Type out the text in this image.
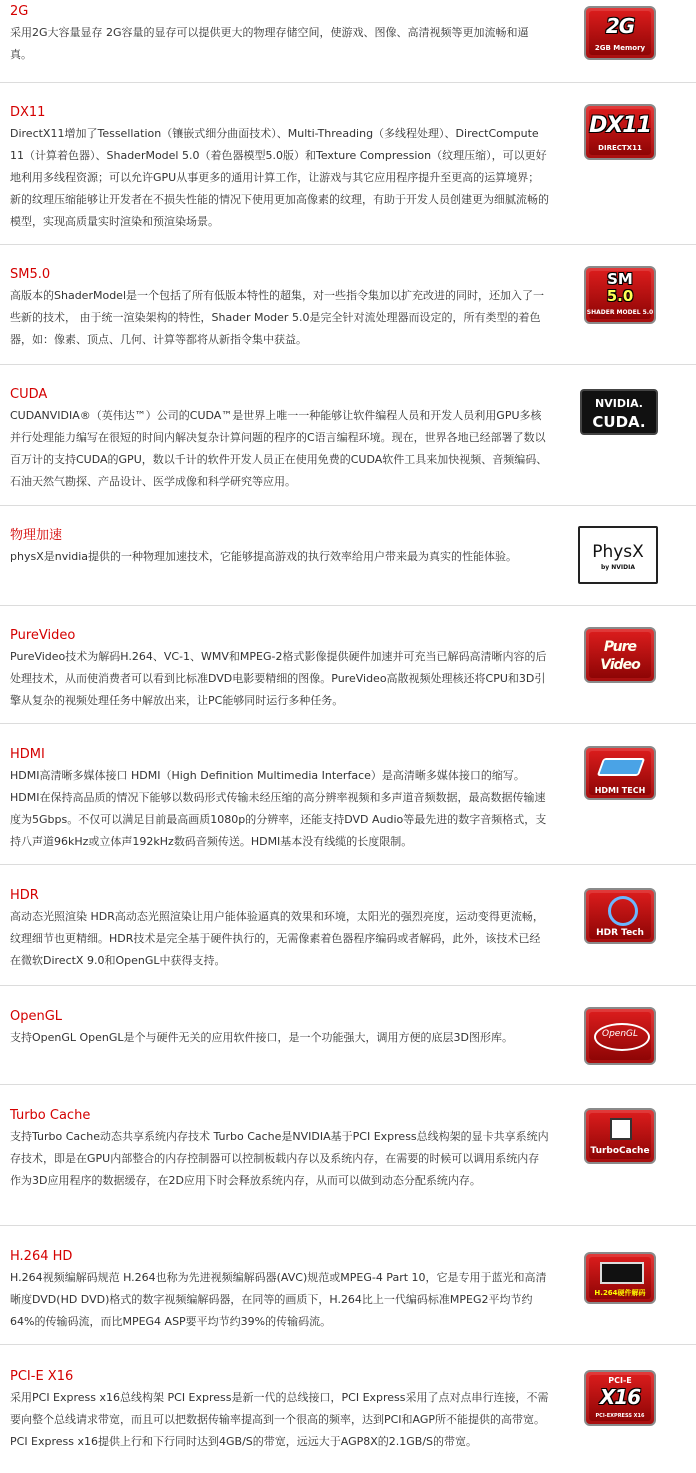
2G
采用2G大容量显存 2G容量的显存可以提供更大的物理存储空间，使游戏、图像、高清视频等更加流畅和逼真。
2G
2GB Memory
DX11
DirectX11增加了Tessellation（镶嵌式细分曲面技术）、Multi-Threading（多线程处理）、DirectCompute 11（计算着色器）、ShaderModel 5.0（着色器模型5.0版）和Texture Compression（纹理压缩），可以更好地利用多线程资源；可以允许GPU从事更多的通用计算工作，让游戏与其它应用程序提升至更高的运算境界；新的纹理压缩能够让开发者在不损失性能的情况下使用更加高像素的纹理，有助于开发人员创建更为细腻流畅的模型，实现高质量实时渲染和预渲染场景。
DX11
DIRECTX11
SM5.0
高版本的ShaderModel是一个包括了所有低版本特性的超集，对一些指令集加以扩充改进的同时，还加入了一些新的技术， 由于统一渲染架构的特性，Shader Moder 5.0是完全针对流处理器而设定的，所有类型的着色器，如：像素、顶点、几何、计算等都将从新指令集中获益。
SM
5.0
SHADER MODEL 5.0
CUDA
CUDANVIDIA®（英伟达™）公司的CUDA™是世界上唯一一种能够让软件编程人员和开发人员利用GPU多核并行处理能力编写在很短的时间内解决复杂计算问题的程序的C语言编程环境。现在，世界各地已经部署了数以百万计的支持CUDA的GPU，数以千计的软件开发人员正在使用免费的CUDA软件工具来加快视频、音频编码、石油天然气勘探、产品设计、医学成像和科学研究等应用。
NVIDIA.
CUDA.
物理加速
physX是nvidia提供的一种物理加速技术，它能够提高游戏的执行效率给用户带来最为真实的性能体验。	PhysX
by NVIDIA
PureVideo
PureVideo技术为解码H.264、VC-1、WMV和MPEG-2格式影像提供硬件加速并可充当已解码高清晰内容的后处理技术，从而使消费者可以看到比标准DVD电影要精细的图像。PureVideo高散视频处理核还将CPU和3D引擎从复杂的视频处理任务中解放出来，让PC能够同时运行多种任务。
Pure
Video
HDMI
HDMI高清晰多媒体接口 HDMI（High Definition Multimedia Interface）是高清晰多媒体接口的缩写。HDMI在保持高品质的情况下能够以数码形式传输未经压缩的高分辨率视频和多声道音频数据，最高数据传输速度为5Gbps。不仅可以满足目前最高画质1080p的分辨率，还能支持DVD Audio等最先进的数字音频格式，支持八声道96kHz或立体声192kHz数码音频传送。HDMI基本没有线缆的长度限制。
HDMI TECH
HDR
高动态光照渲染 HDR高动态光照渲染让用户能体验逼真的效果和环境，太阳光的强烈亮度，运动变得更流畅，纹理细节也更精细。HDR技术是完全基于硬件执行的，无需像素着色器程序编码或者解码，此外，该技术已经在微软DirectX 9.0和OpenGL中获得支持。
HDR Tech
OpenGL
支持OpenGL OpenGL是个与硬件无关的应用软件接口，是一个功能强大，调用方便的底层3D图形库。	OpenGL
Turbo Cache
支持Turbo Cache动态共享系统内存技术 Turbo Cache是NVIDIA基于PCI Express总线构架的显卡共享系统内存技术，即是在GPU内部整合的内存控制器可以控制板载内存以及系统内存，在需要的时候可以调用系统内存作为3D应用程序的数据缓存，在2D应用下时会释放系统内存，从而可以做到动态分配系统内存。
TurboCache
H.264 HD
H.264视频编解码规范 H.264也称为先进视频编解码器(AVC)规范或MPEG-4 Part 10，它是专用于蓝光和高清晰度DVD(HD DVD)格式的数字视频编解码器，在同等的画质下，H.264比上一代编码标准MPEG2平均节约64%的传输码流，而比MPEG4 ASP要平均节约39%的传输码流。
H.264硬件解码
PCI-E X16
采用PCI Express x16总线构架 PCI Express是新一代的总线接口，PCI Express采用了点对点串行连接，不需要向整个总线请求带宽，而且可以把数据传输率提高到一个很高的频率，达到PCI和AGP所不能提供的高带宽。PCI Express x16提供上行和下行同时达到4GB/S的带宽，远远大于AGP8X的2.1GB/S的带宽。
PCI-E
X16
PCI-EXPRESS X16
